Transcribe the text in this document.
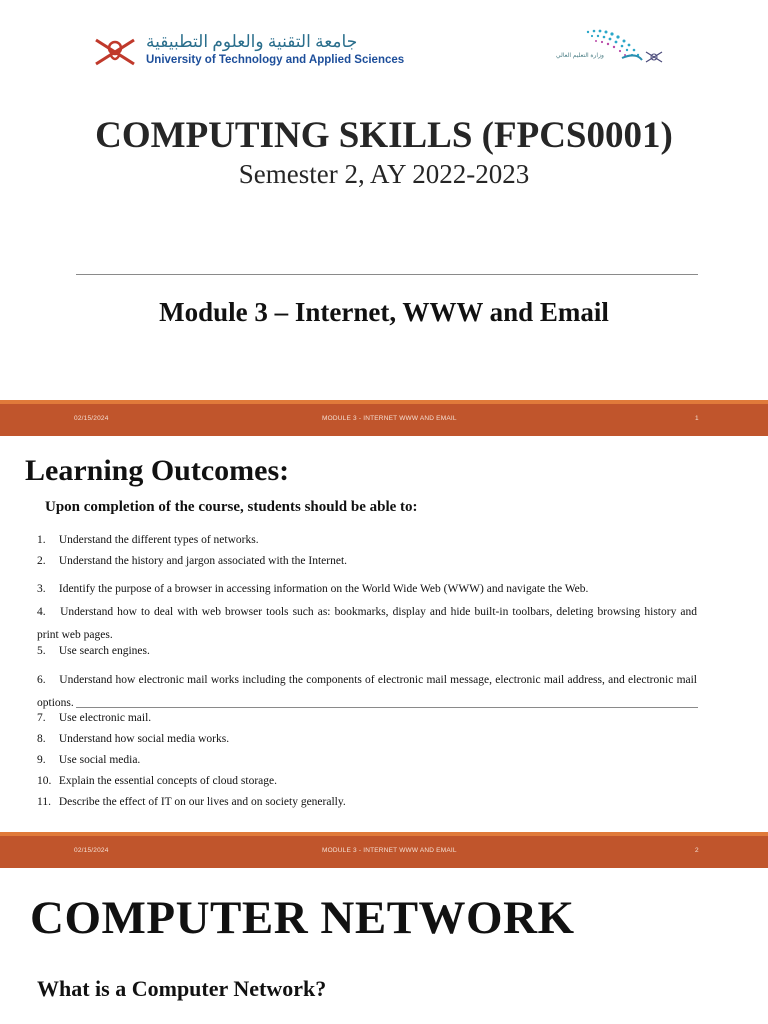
جامعة التقنية والعلوم التطبيقية
University of Technology and Applied Sciences	وزارة التعليم العالي
COMPUTING SKILLS (FPCS0001)
Semester 2, AY 2022-2023
Module 3 – Internet, WWW and Email
02/15/2024	MODULE 3 - INTERNET WWW AND EMAIL	1
Learning Outcomes:
Upon completion of the course, students should be able to:
1. Understand the different types of networks.
2. Understand the history and jargon associated with the Internet.
3. Identify the purpose of a browser in accessing information on the World Wide Web (WWW) and navigate the Web.
4. Understand how to deal with web browser tools such as: bookmarks, display and hide built-in toolbars, deleting browsing history and print web pages.
5. Use search engines.
6. Understand how electronic mail works including the components of electronic mail message, electronic mail address, and electronic mail options.
7. Use electronic mail.
8. Understand how social media works.
9. Use social media.
10. Explain the essential concepts of cloud storage.
11. Describe the effect of IT on our lives and on society generally.
02/15/2024	MODULE 3 - INTERNET WWW AND EMAIL	2
COMPUTER NETWORK
What is a Computer Network?
